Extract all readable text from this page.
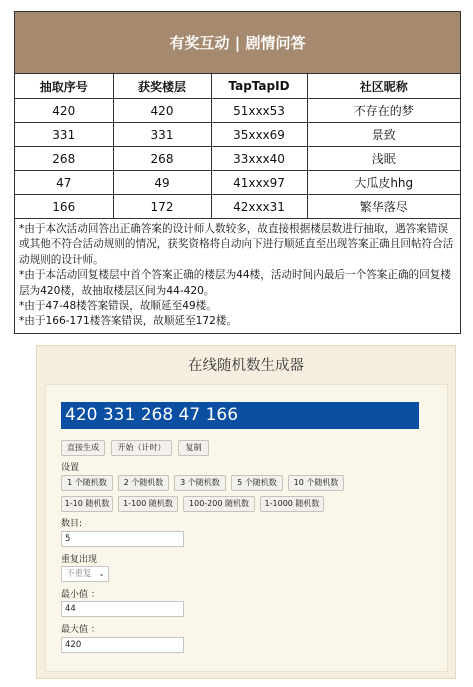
有奖互动 | 剧情问答
抽取序号	获奖楼层	TapTapID	社区昵称
420	420	51xxx53	不存在的梦
331	331	35xxx69	景致
268	268	33xxx40	浅眠
47	49	41xxx97	大瓜皮hhg
166	172	42xxx31	繁华落尽
*由于本次活动回答出正确答案的设计师人数较多，故直接根据楼层数进行抽取，遇答案错误或其他不符合活动规则的情况，获奖资格将自动向下进行顺延直至出现答案正确且回帖符合活动规则的设计师。
*由于本活动回复楼层中首个答案正确的楼层为44楼，活动时间内最后一个答案正确的回复楼层为420楼，故抽取楼层区间为44-420。
*由于47-48楼答案错误，故顺延至49楼。
*由于166-171楼答案错误，故顺延至172楼。
在线随机数生成器
420 331 268 47 166
直接生成	开始（计时）	复制
设置
1 个随机数	2 个随机数	3 个随机数	5 个随机数	10 个随机数
1-10 随机数	1-100 随机数	100-200 随机数	1-1000 随机数
数目:
5
重复出现
不重复 ⌄
最小值 ：
44
最大值 ：
420
